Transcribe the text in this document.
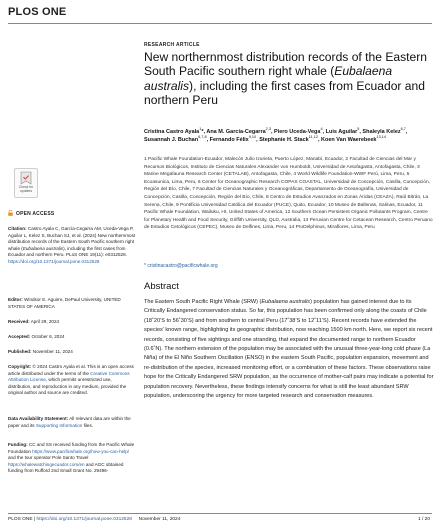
PLOS ONE
RESEARCH ARTICLE
New northernmost distribution records of the Eastern South Pacific southern right whale (Eubalaena australis), including the first cases from Ecuador and northern Peru
Cristina Castro Ayala$^1$*, Ana M. García-Cegarra$^{2,3}$, Piero Uceda-Vega$^4$, Luis Aguilar$^5$, Shaleyla Kelez$^{6,7}$, Susannah J. Buchan$^{6,7,8}$, Fernando Félix$^{9,10}$, Stephanie H. Stack$^{11,12}$, Koen Van Waerebeek$^{13,14}$
1 Pacific Whale Foundation-Ecuador, Malecón Julio Izurieta, Puerto López, Manabí, Ecuador, 2 Facultad de Ciencias del Mar y Recursos Biológicos, Instituto de Ciencias Naturales Alexander von Humboldt, Universidad de Antofagasta, Antofagasta, Chile, 3 Marine Megafauna Research Center (CETALAB), Antofagasta, Chile, 4 World Wildlife Foundation-WWF Perú, Lima, Peru, 5 Ecoasunica, Lima, Peru, 6 Center for Oceanographic Research COPAS COASTAL, Universidad de Concepción, Casilla, Concepción, Región del Bío, Chile, 7 Facultad de Ciencias Naturales y Oceanográficas, Departamento de Oceanografía, Universidad de Concepción, Casilla, Concepción, Región del Bío, Chile, 8 Centro de Estudios Avanzados en Zonas Áridas (CEAZA), Raúl Bitrán, La Serena, Chile, 9 Pontificia Universidad Católica del Ecuador (PUCE), Quito, Ecuador, 10 Museo de Ballenas, Salinas, Ecuador, 11 Pacific Whale Foundation, Wailuku, HI, United States of America, 12 Southern Ocean Persistent Organic Pollutants Program, Centre for Planetary Health and Food Security, Griffith University, QLD, Australia, 13 Peruvian Centre for Cetacean Research, Centro Peruano de Estudios Cetológicos (CEPEC), Museo de Delfines, Lima, Peru, 14 ProDelphinus, Miraflores, Lima, Peru
* cristinacastro@pacificwhale.org
Abstract
The Eastern South Pacific Right Whale (SRW) (Eubalaena australis) population has gained interest due to its Critically Endangered conservation status. So far, this population has been confirmed only along the coasts of Chile (18˚20’S to 56˚30’S) and from southern to central Peru (17˚38’S to 12˚11’S). Recent records have extended the species’ known range, highlighting its geographic distribution, now reaching 1500 km north. Here, we report six recent records, consisting of five sightings and one stranding, that expand the documented range to northern Ecuador (0.6˚N). The northern extension of the population may be associated with the unusual three-year-long cold phase (La Niña) of the El Niño Southern Oscillation (ENSO) in the eastern South Pacific, population expansion, movement and re-distribution of the species, increased monitoring effort, or a combination of these factors. These observations raise hope for the Critically Endangered SRW population, as the occurrence of mother-calf pairs may indicate a potential for population recovery. Nevertheless, these findings intensify concerns for what is still the least abundant SRW population, underscoring the urgency for more targeted research and conservation measures.
Check for
updates
OPEN ACCESS
Citation: Castro Ayala C, García-Cegarra AM, Uceda-Vega P, Aguilar L, Kelez S, Buchan SJ, et al. (2024) New northernmost distribution records of the Eastern South Pacific southern right whale (Eubalaena australis), including the first cases from Ecuador and northern Peru. PLoS ONE 19(11): e0312528. https://doi.org/10.1371/journal.pone.0312528
Editor: Windsor E. Aguirre, DePaul University, UNITED STATES OF AMERICA
Received: April 29, 2024
Accepted: October 8, 2024
Published: November 11, 2024
Copyright: © 2024 Castro Ayala et al. This is an open access article distributed under the terms of the Creative Commons Attribution License, which permits unrestricted use, distribution, and reproduction in any medium, provided the original author and source are credited.
Data Availability Statement: All relevant data are within the paper and its Supporting Information files.
Funding: CC and SS received funding from the Pacific Whale Foundation https://www.pacificwhale.org/how-you-can-help/ and the tour operator Pole Santo Travel https://whalewatchingecuador.com/en and AGC obtained funding from Rufford 2nd Small Grant No. 29496-
PLOS ONE | https://doi.org/10.1371/journal.pone.0312528 November 11, 2024	1 / 20
